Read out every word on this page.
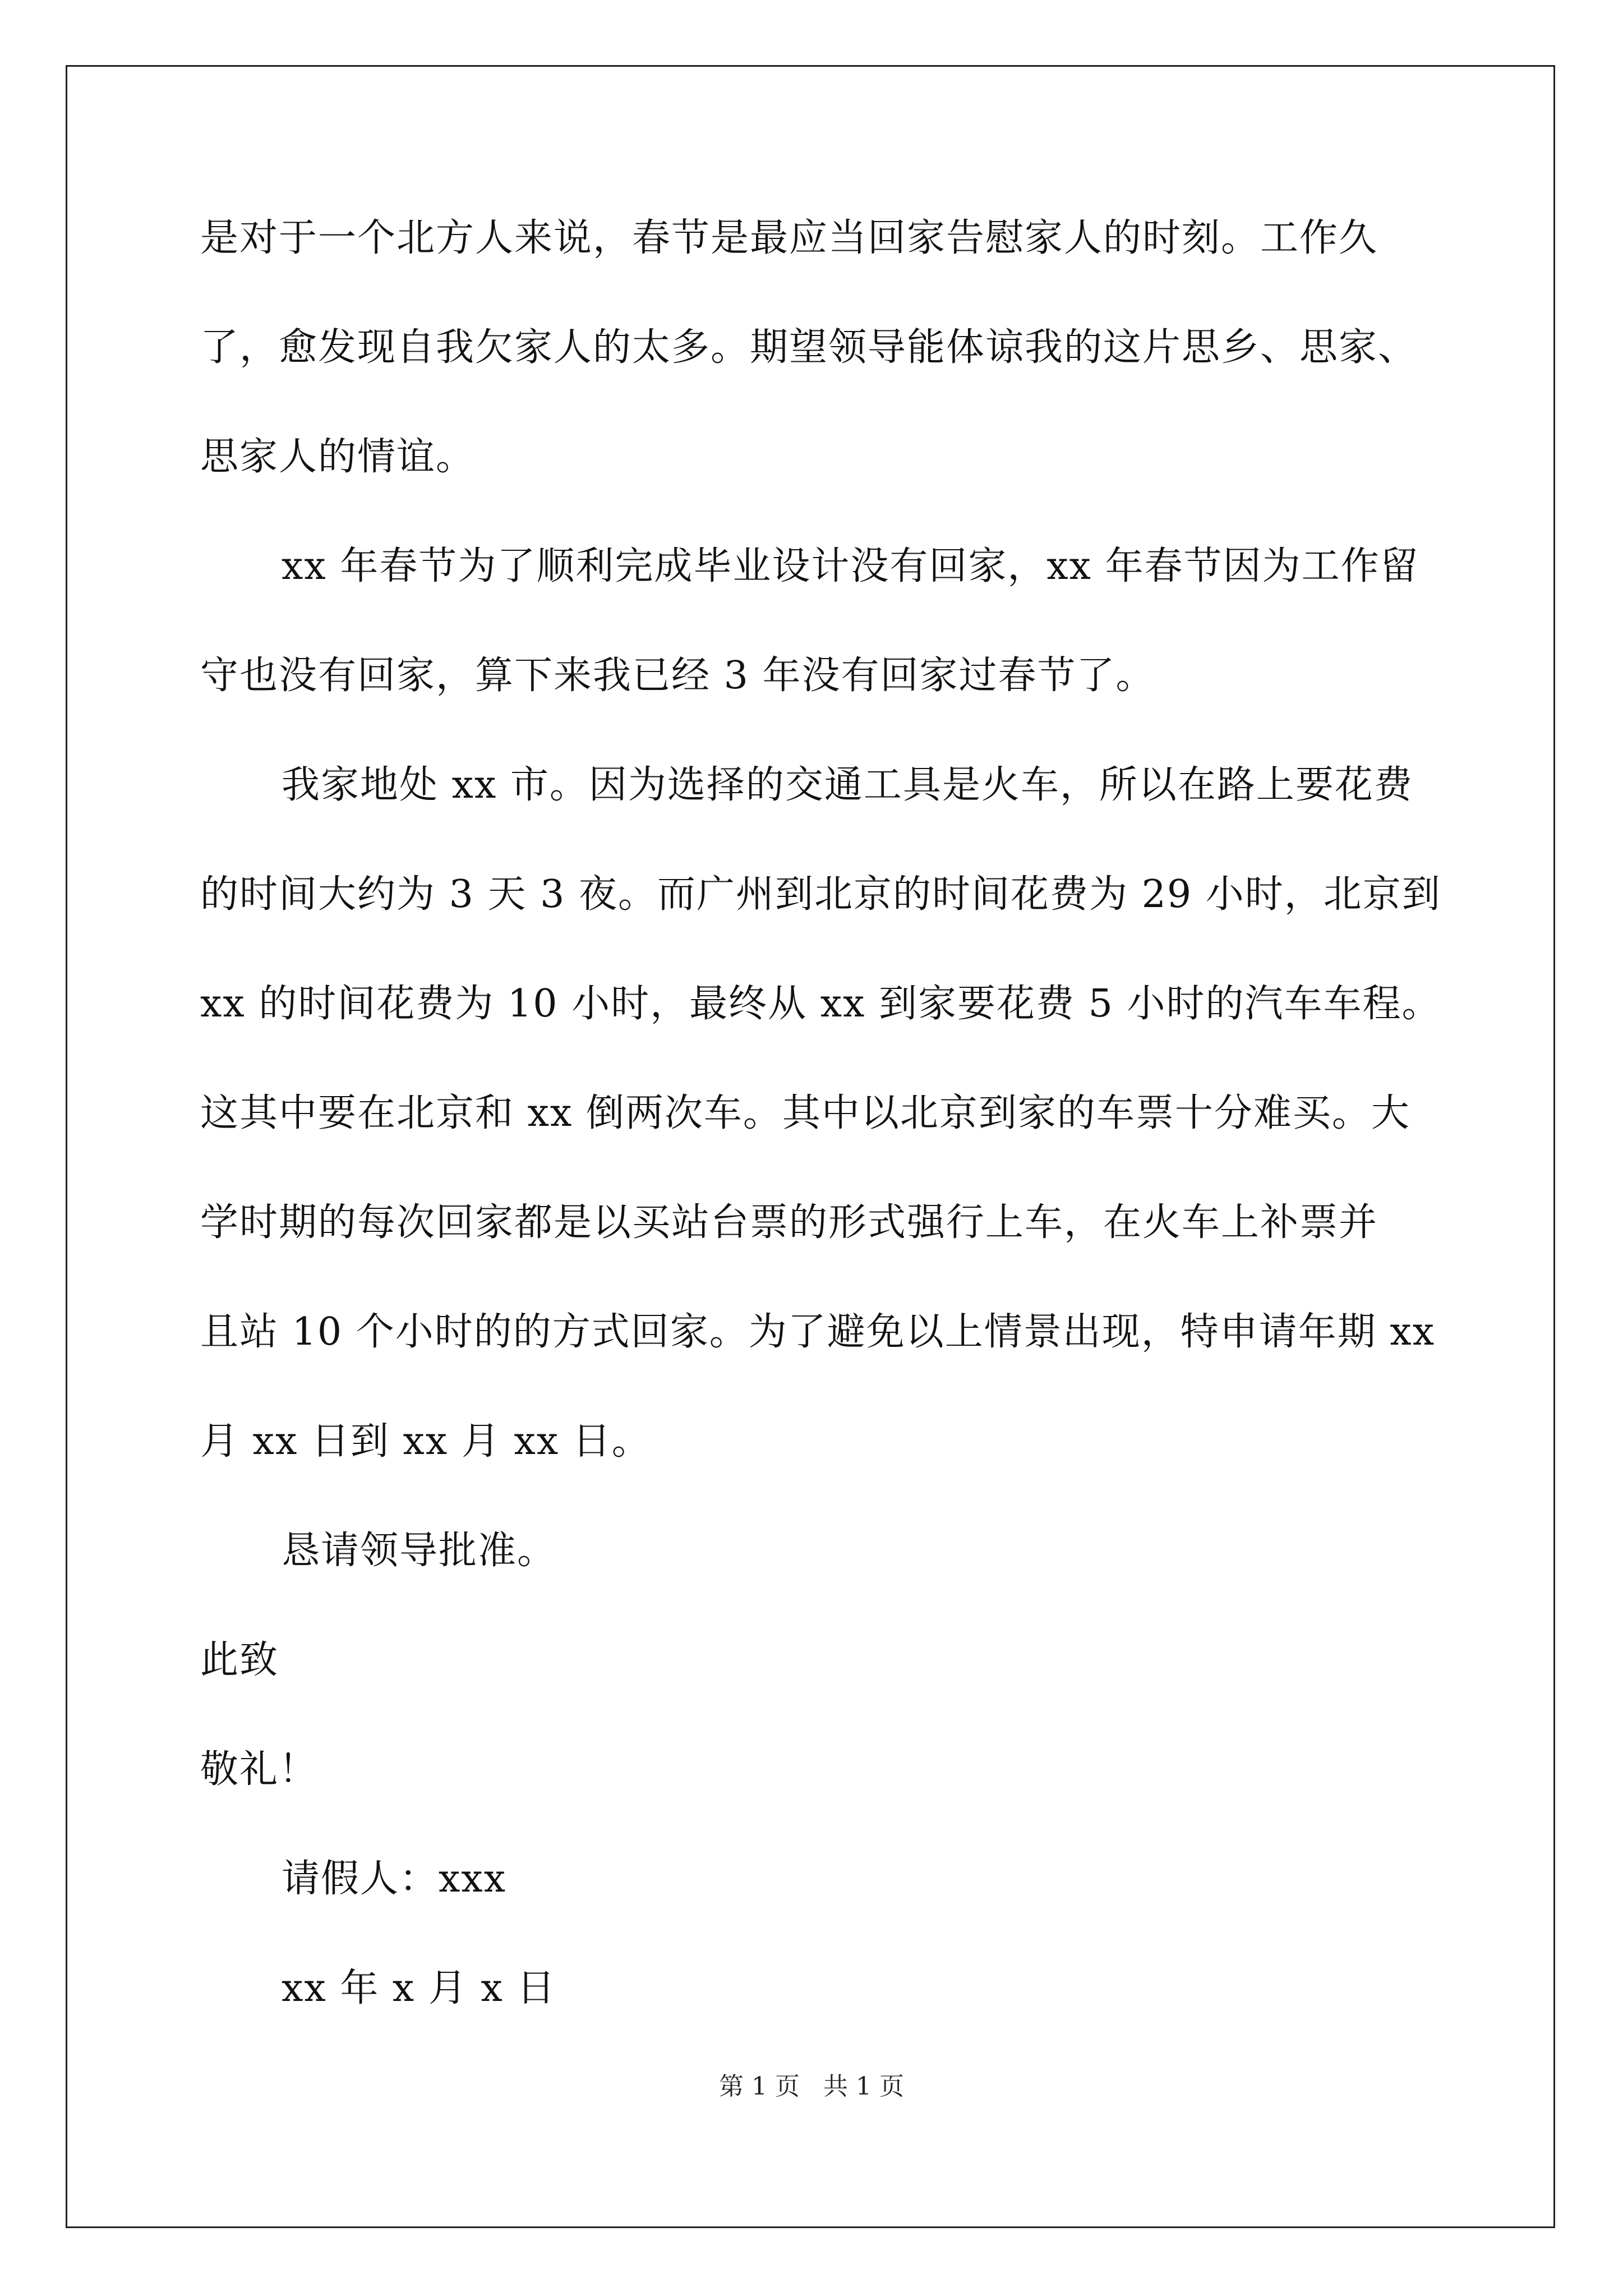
是对于一个北方人来说，春节是最应当回家告慰家人的时刻。工作久
了，愈发现自我欠家人的太多。期望领导能体谅我的这片思乡、思家、
思家人的情谊。
xx 年春节为了顺利完成毕业设计没有回家，xx 年春节因为工作留
守也没有回家，算下来我已经 3 年没有回家过春节了。
我家地处 xx 市。因为选择的交通工具是火车，所以在路上要花费
的时间大约为 3 天 3 夜。而广州到北京的时间花费为 29 小时，北京到
xx 的时间花费为 10 小时，最终从 xx 到家要花费 5 小时的汽车车程。
这其中要在北京和 xx 倒两次车。其中以北京到家的车票十分难买。大
学时期的每次回家都是以买站台票的形式强行上车，在火车上补票并
且站 10 个小时的的方式回家。为了避免以上情景出现，特申请年期 xx
月 xx 日到 xx 月 xx 日。
恳请领导批准。
此致
敬礼！
请假人：xxx
xx 年 x 月 x 日
第 1 页 共 1 页
